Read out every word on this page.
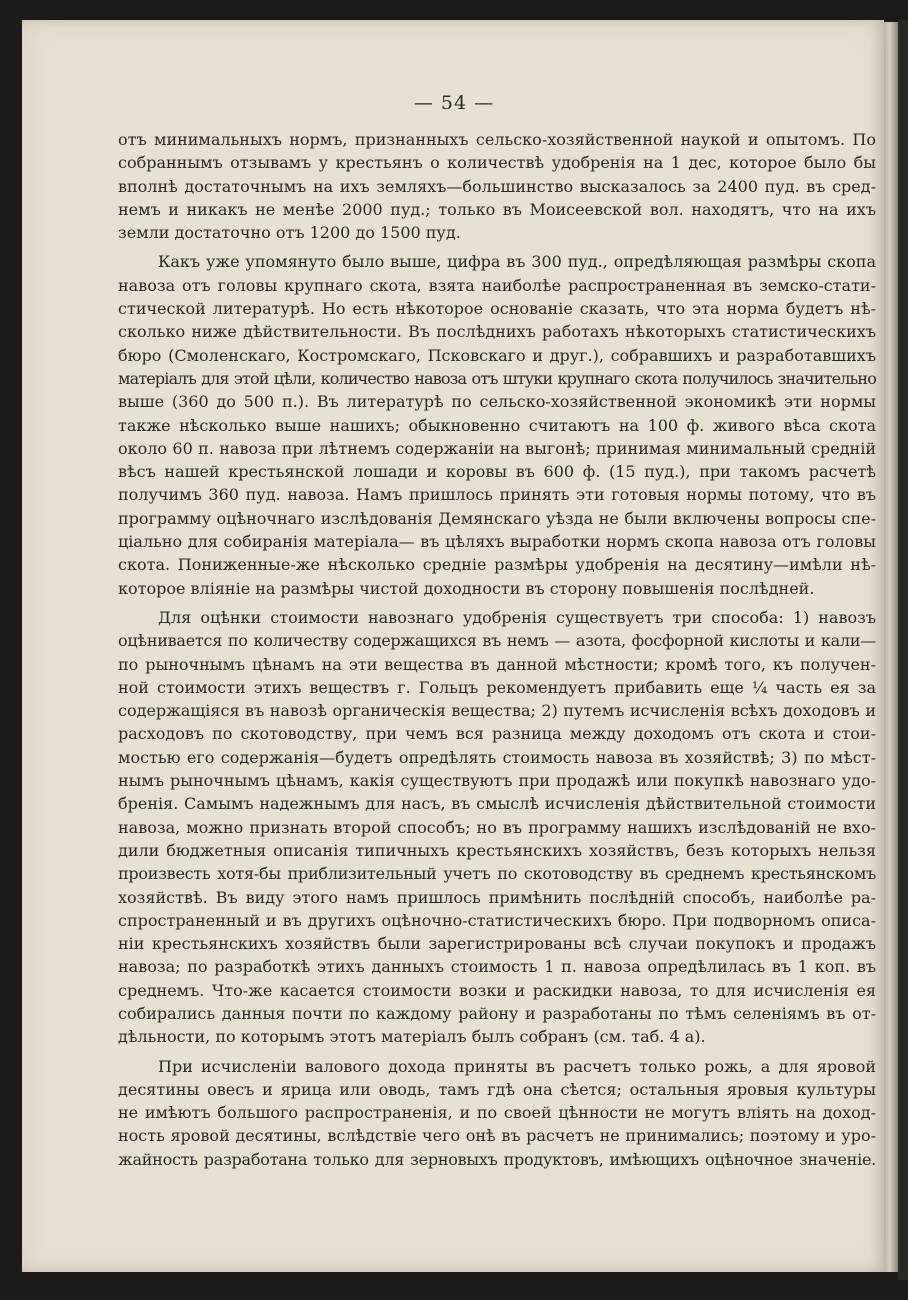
— 54 —
отъ минимальныхъ нормъ, признанныхъ сельско-хозяйственной наукой и опытомъ. По
собраннымъ отзывамъ у крестьянъ о количествѣ удобренія на 1 дес, которое было бы
вполнѣ достаточнымъ на ихъ земляхъ—большинство высказалось за 2400 пуд. въ сред-
немъ и никакъ не менѣе 2000 пуд.; только въ Моисеевской вол. находятъ, что на ихъ
земли достаточно отъ 1200 до 1500 пуд.
Какъ уже упомянуто было выше, цифра въ 300 пуд., опредѣляющая размѣры скопа
навоза отъ головы крупнаго скота, взята наиболѣе распространенная въ земско-стати-
стической литературѣ. Но есть нѣкоторое основаніе сказать, что эта норма будетъ нѣ-
сколько ниже дѣйствительности. Въ послѣднихъ работахъ нѣкоторыхъ статистическихъ
бюро (Смоленскаго, Костромскаго, Псковскаго и друг.), собравшихъ и разработавшихъ
матеріалъ для этой цѣли, количество навоза отъ штуки крупнаго скота получилось значительно
выше (360 до 500 п.). Въ литературѣ по сельско-хозяйственной экономикѣ эти нормы
также нѣсколько выше нашихъ; обыкновенно считаютъ на 100 ф. живого вѣса скота
около 60 п. навоза при лѣтнемъ содержаніи на выгонѣ; принимая минимальный средній
вѣсъ нашей крестьянской лошади и коровы въ 600 ф. (15 пуд.), при такомъ расчетѣ
получимъ 360 пуд. навоза. Намъ пришлось принять эти готовыя нормы потому, что въ
программу оцѣночнаго изслѣдованія Демянскаго уѣзда не были включены вопросы спе-
ціально для собиранія матеріала— въ цѣляхъ выработки нормъ скопа навоза отъ головы
скота. Пониженные-же нѣсколько средніе размѣры удобренія на десятину—имѣли нѣ-
которое вліяніе на размѣры чистой доходности въ сторону повышенія послѣдней.
Для оцѣнки стоимости навознаго удобренія существуетъ три способа: 1) навозъ
оцѣнивается по количеству содержащихся въ немъ — азота, фосфорной кислоты и кали—
по рыночнымъ цѣнамъ на эти вещества въ данной мѣстности; кромѣ того, къ получен-
ной стоимости этихъ веществъ г. Гольцъ рекомендуетъ прибавить еще ¼ часть ея за
содержащіяся въ навозѣ органическія вещества; 2) путемъ исчисленія всѣхъ доходовъ и
расходовъ по скотоводству, при чемъ вся разница между доходомъ отъ скота и стои-
мостью его содержанія—будетъ опредѣлять стоимость навоза въ хозяйствѣ; 3) по мѣст-
нымъ рыночнымъ цѣнамъ, какія существуютъ при продажѣ или покупкѣ навознаго удо-
бренія. Самымъ надежнымъ для насъ, въ смыслѣ исчисленія дѣйствительной стоимости
навоза, можно признать второй способъ; но въ программу нашихъ изслѣдованій не вхо-
дили бюджетныя описанія типичныхъ крестьянскихъ хозяйствъ, безъ которыхъ нельзя
произвесть хотя-бы приблизительный учетъ по скотоводству въ среднемъ крестьянскомъ
хозяйствѣ. Въ виду этого намъ пришлось примѣнить послѣдній способъ, наиболѣе ра-
спространенный и въ другихъ оцѣночно-статистическихъ бюро. При подворномъ описа-
ніи крестьянскихъ хозяйствъ были зарегистрированы всѣ случаи покупокъ и продажъ
навоза; по разработкѣ этихъ данныхъ стоимость 1 п. навоза опредѣлилась въ 1 коп. въ
среднемъ. Что-же касается стоимости возки и раскидки навоза, то для исчисленія ея
собирались данныя почти по каждому району и разработаны по тѣмъ селеніямъ въ от-
дѣльности, по которымъ этотъ матеріалъ былъ собранъ (см. таб. 4 а).
При исчисленіи валового дохода приняты въ расчетъ только рожь, а для яровой
десятины овесъ и ярица или оводь, тамъ гдѣ она сѣется; остальныя яровыя культуры
не имѣютъ большого распространенія, и по своей цѣнности не могутъ вліять на доход-
ность яровой десятины, вслѣдствіе чего онѣ въ расчетъ не принимались; поэтому и уро-
жайность разработана только для зерновыхъ продуктовъ, имѣющихъ оцѣночное значеніе.
